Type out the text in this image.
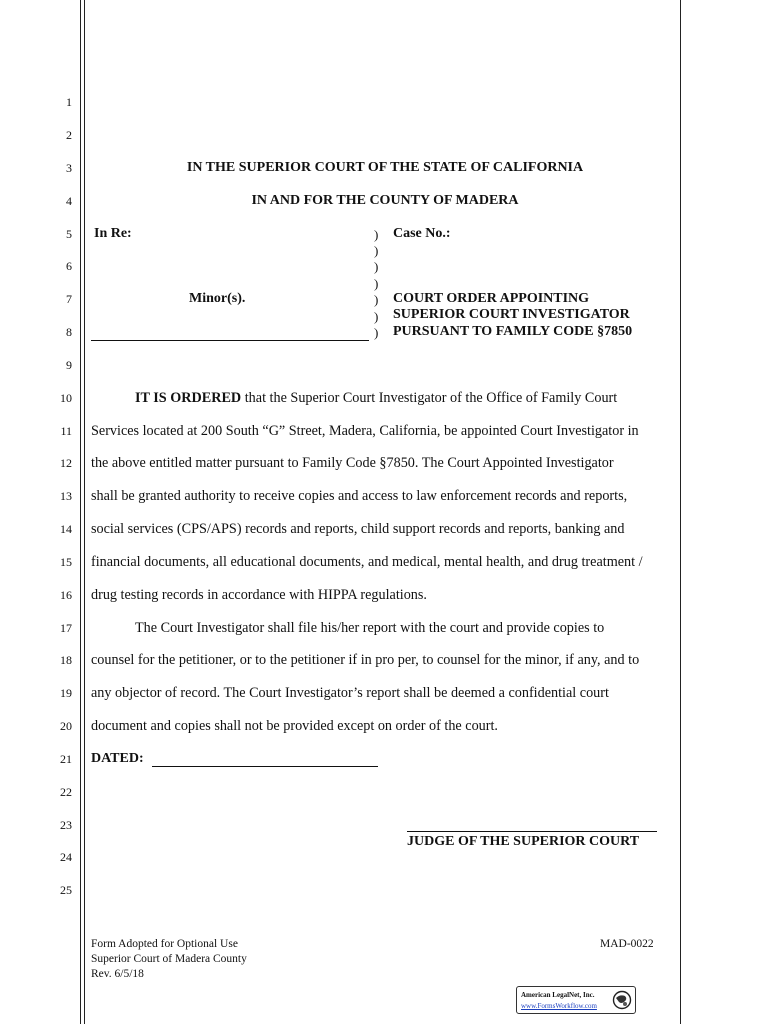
1
2
3
4
5
6
7
8
9
10
11
12
13
14
15
16
17
18
19
20
21
22
23
24
25
IN THE SUPERIOR COURT OF THE STATE OF CALIFORNIA
IN AND FOR THE COUNTY OF MADERA
In Re:
Minor(s).
)
)
)
)
)
)
)
Case No.:
COURT ORDER APPOINTING
SUPERIOR COURT INVESTIGATOR
PURSUANT TO FAMILY CODE §7850
IT IS ORDERED that the Superior Court Investigator of the Office of Family Court
Services located at 200 South “G” Street, Madera, California, be appointed Court Investigator in
the above entitled matter pursuant to Family Code §7850. The Court Appointed Investigator
shall be granted authority to receive copies and access to law enforcement records and reports,
social services (CPS/APS) records and reports, child support records and reports, banking and
financial documents, all educational documents, and medical, mental health, and drug treatment /
drug testing records in accordance with HIPPA regulations.
The Court Investigator shall file his/her report with the court and provide copies to
counsel for the petitioner, or to the petitioner if in pro per, to counsel for the minor, if any, and to
any objector of record. The Court Investigator’s report shall be deemed a confidential court
document and copies shall not be provided except on order of the court.
DATED:
JUDGE OF THE SUPERIOR COURT
Form Adopted for Optional Use
Superior Court of Madera County
Rev. 6/5/18
MAD-0022
American LegalNet, Inc.
www.FormsWorkflow.com
